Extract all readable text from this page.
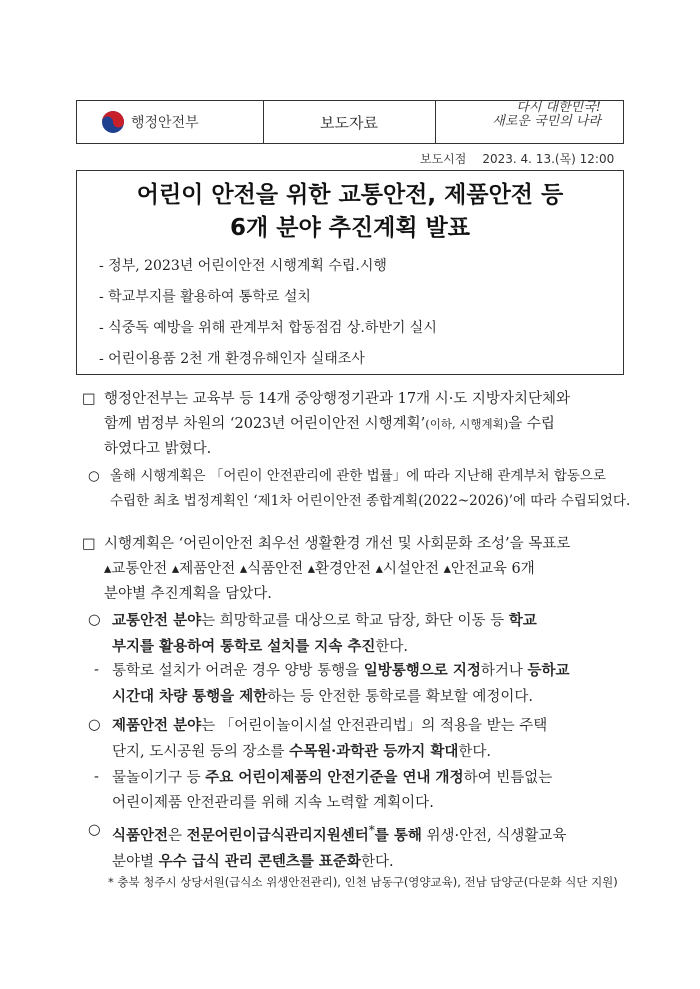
행정안전부	보도자료
다시 대한민국!
새로운 국민의 나라
보도시점 2023. 4. 13.(목) 12:00
어린이 안전을 위한 교통안전, 제품안전 등
6개 분야 추진계획 발표
- 정부, 2023년 어린이안전 시행계획 수립.시행
- 학교부지를 활용하여 통학로 설치
- 식중독 예방을 위해 관계부처 합동점검 상.하반기 실시
- 어린이용품 2천 개 환경유해인자 실태조사
□ 행정안전부는 교육부 등 14개 중앙행정기관과 17개 시·도 지방자치단체와
함께 범정부 차원의 ‘2023년 어린이안전 시행계획’(이하, 시행계획)을 수립
하였다고 밝혔다.
○ 올해 시행계획은 「어린이 안전관리에 관한 법률」에 따라 지난해 관계부처 합동으로
수립한 최초 법정계획인 ‘제1차 어린이안전 종합계획(2022~2026)’에 따라 수립되었다.
□ 시행계획은 ‘어린이안전 최우선 생활환경 개선 및 사회문화 조성’을 목표로
▴교통안전 ▴제품안전 ▴식품안전 ▴환경안전 ▴시설안전 ▴안전교육 6개
분야별 추진계획을 담았다.
○ 교통안전 분야는 희망학교를 대상으로 학교 담장, 화단 이동 등 학교
부지를 활용하여 통학로 설치를 지속 추진한다.
- 통학로 설치가 어려운 경우 양방 통행을 일방통행으로 지정하거나 등하교
시간대 차량 통행을 제한하는 등 안전한 통학로를 확보할 예정이다.
○ 제품안전 분야는 「어린이놀이시설 안전관리법」의 적용을 받는 주택
단지, 도시공원 등의 장소를 수목원·과학관 등까지 확대한다.
- 물놀이기구 등 주요 어린이제품의 안전기준을 연내 개정하여 빈틈없는
어린이제품 안전관리를 위해 지속 노력할 계획이다.
○ 식품안전은 전문어린이급식관리지원센터*를 통해 위생·안전, 식생활교육
분야별 우수 급식 관리 콘텐츠를 표준화한다.
* 충북 청주시 상당서원(급식소 위생안전관리), 인천 남동구(영양교육), 전남 담양군(다문화 식단 지원)
